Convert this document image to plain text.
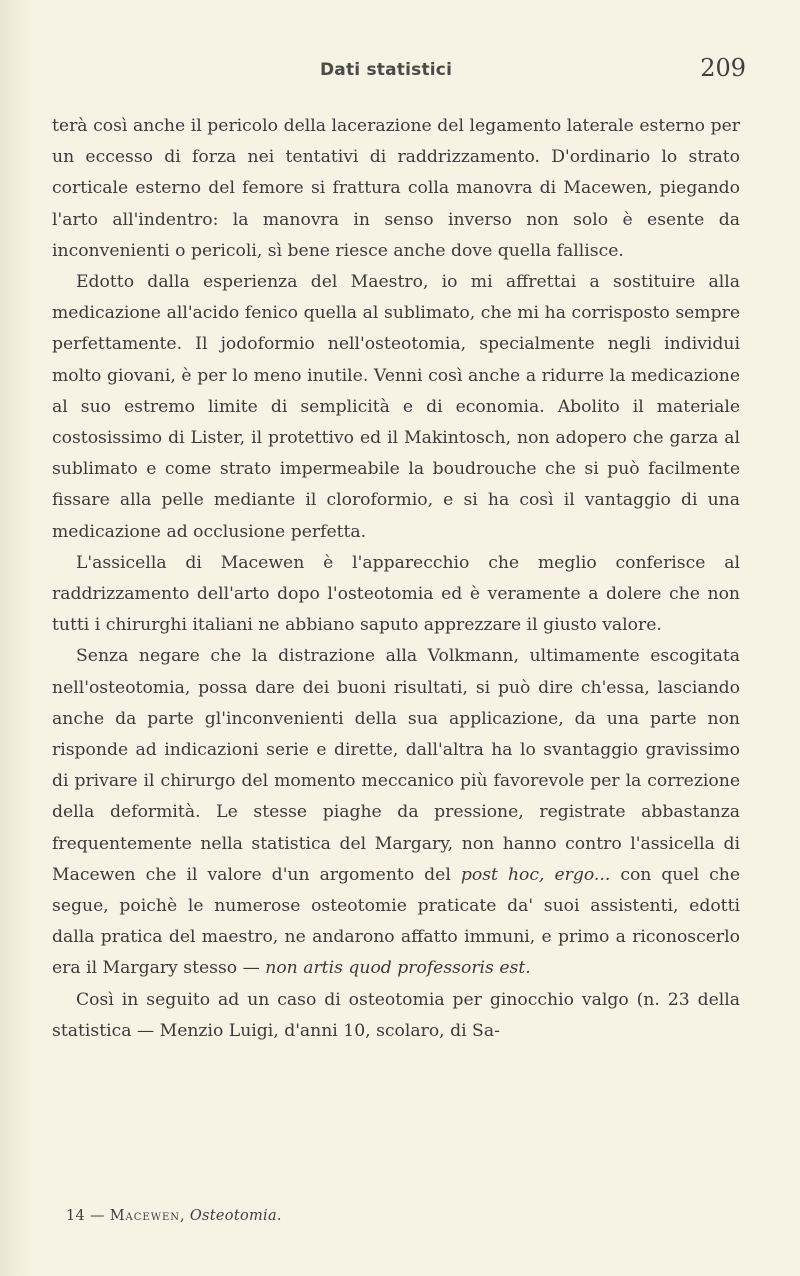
Dati statistici	209

terà così anche il pericolo della lacerazione del legamento laterale esterno per un eccesso di forza nei tentativi di raddrizzamento. D'ordinario lo strato corticale esterno del femore si frattura colla manovra di Macewen, piegando l'arto all'indentro: la manovra in senso inverso non solo è esente da inconvenienti o pericoli, sì bene riesce anche dove quella fallisce.

Edotto dalla esperienza del Maestro, io mi affrettai a sostituire alla medicazione all'acido fenico quella al sublimato, che mi ha corrisposto sempre perfettamente. Il jodoformio nell'osteotomia, specialmente negli individui molto giovani, è per lo meno inutile. Venni così anche a ridurre la medicazione al suo estremo limite di semplicità e di economia. Abolito il materiale costosissimo di Lister, il protettivo ed il Makintosch, non adopero che garza al sublimato e come strato impermeabile la boudrouche che si può facilmente fissare alla pelle mediante il cloroformio, e si ha così il vantaggio di una medicazione ad occlusione perfetta.

L'assicella di Macewen è l'apparecchio che meglio conferisce al raddrizzamento dell'arto dopo l'osteotomia ed è veramente a dolere che non tutti i chirurghi italiani ne abbiano saputo apprezzare il giusto valore.

Senza negare che la distrazione alla Volkmann, ultimamente escogitata nell'osteotomia, possa dare dei buoni risultati, si può dire ch'essa, lasciando anche da parte gl'inconvenienti della sua applicazione, da una parte non risponde ad indicazioni serie e dirette, dall'altra ha lo svantaggio gravissimo di privare il chirurgo del momento meccanico più favorevole per la correzione della deformità. Le stesse piaghe da pressione, registrate abbastanza frequentemente nella statistica del Margary, non hanno contro l'assicella di Macewen che il valore d'un argomento del post hoc, ergo... con quel che segue, poichè le numerose osteotomie praticate da' suoi assistenti, edotti dalla pratica del maestro, ne andarono affatto immuni, e primo a riconoscerlo era il Margary stesso — non artis quod professoris est.

Così in seguito ad un caso di osteotomia per ginocchio valgo (n. 23 della statistica — Menzio Luigi, d'anni 10, scolaro, di Sa-

14 — Macewen, Osteotomia.
